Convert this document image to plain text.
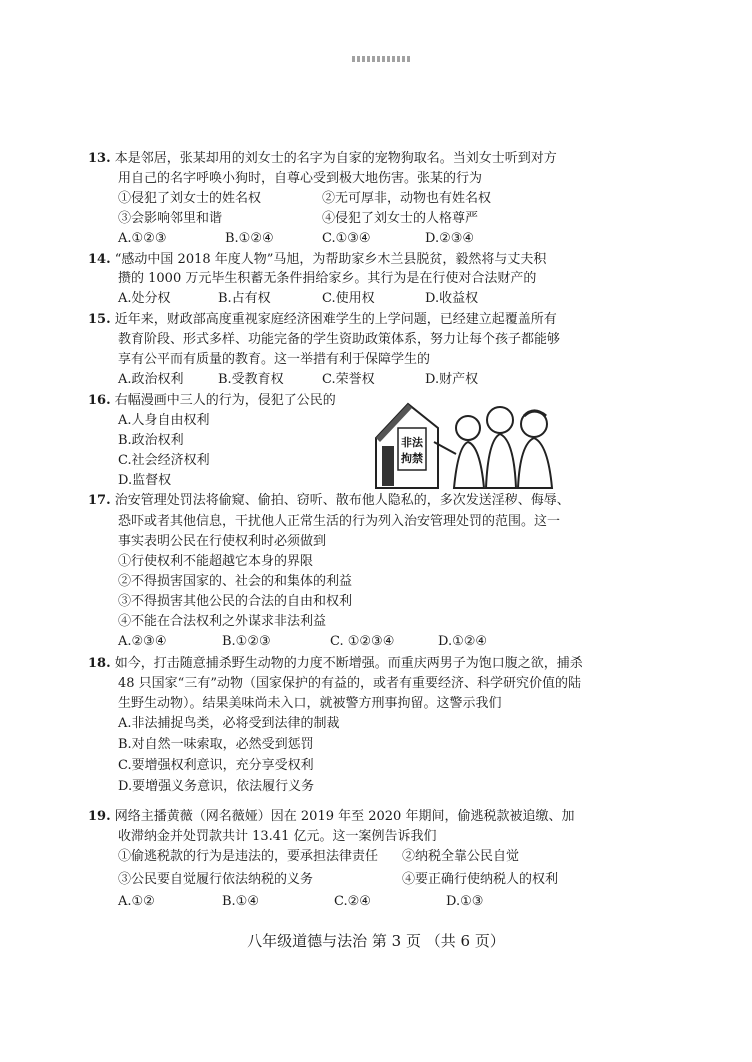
13. 本是邻居，张某却用的刘女士的名字为自家的宠物狗取名。当刘女士听到对方
用自己的名字呼唤小狗时，自尊心受到极大地伤害。张某的行为
①侵犯了刘女士的姓名权	②无可厚非，动物也有姓名权
③会影响邻里和谐	④侵犯了刘女士的人格尊严
A.①②③	B.①②④	C.①③④	D.②③④
14. “感动中国 2018 年度人物”马旭，为帮助家乡木兰县脱贫，毅然将与丈夫积
攒的 1000 万元毕生积蓄无条件捐给家乡。其行为是在行使对合法财产的
A.处分权	B.占有权	C.使用权	D.收益权
15. 近年来，财政部高度重视家庭经济困难学生的上学问题，已经建立起覆盖所有
教育阶段、形式多样、功能完备的学生资助政策体系，努力让每个孩子都能够
享有公平而有质量的教育。这一举措有利于保障学生的
A.政治权利	B.受教育权	C.荣誉权	D.财产权
16. 右幅漫画中三人的行为，侵犯了公民的
A.人身自由权利
B.政治权利
C.社会经济权利
D.监督权
非法
拘禁
17. 治安管理处罚法将偷窥、偷拍、窃听、散布他人隐私的，多次发送淫秽、侮辱、
恐吓或者其他信息，干扰他人正常生活的行为列入治安管理处罚的范围。这一
事实表明公民在行使权利时必须做到
①行使权利不能超越它本身的界限
②不得损害国家的、社会的和集体的利益
③不得损害其他公民的合法的自由和权利
④不能在合法权利之外谋求非法利益
A.②③④	B.①②③	C. ①②③④	D.①②④
18. 如今，打击随意捕杀野生动物的力度不断增强。而重庆两男子为饱口腹之欲，捕杀
48 只国家“三有”动物（国家保护的有益的，或者有重要经济、科学研究价值的陆
生野生动物）。结果美味尚未入口，就被警方刑事拘留。这警示我们
A.非法捕捉鸟类，必将受到法律的制裁
B.对自然一味索取，必然受到惩罚
C.要增强权利意识，充分享受权利
D.要增强义务意识，依法履行义务
19. 网络主播黄薇（网名薇娅）因在 2019 年至 2020 年期间，偷逃税款被追缴、加
收滞纳金并处罚款共计 13.41 亿元。这一案例告诉我们
①偷逃税款的行为是违法的，要承担法律责任 ②纳税全靠公民自觉
③公民要自觉履行依法纳税的义务	④要正确行使纳税人的权利
A.①②	B.①④	C.②④	D.①③
八年级道德与法治 第 3 页 （共 6 页）
